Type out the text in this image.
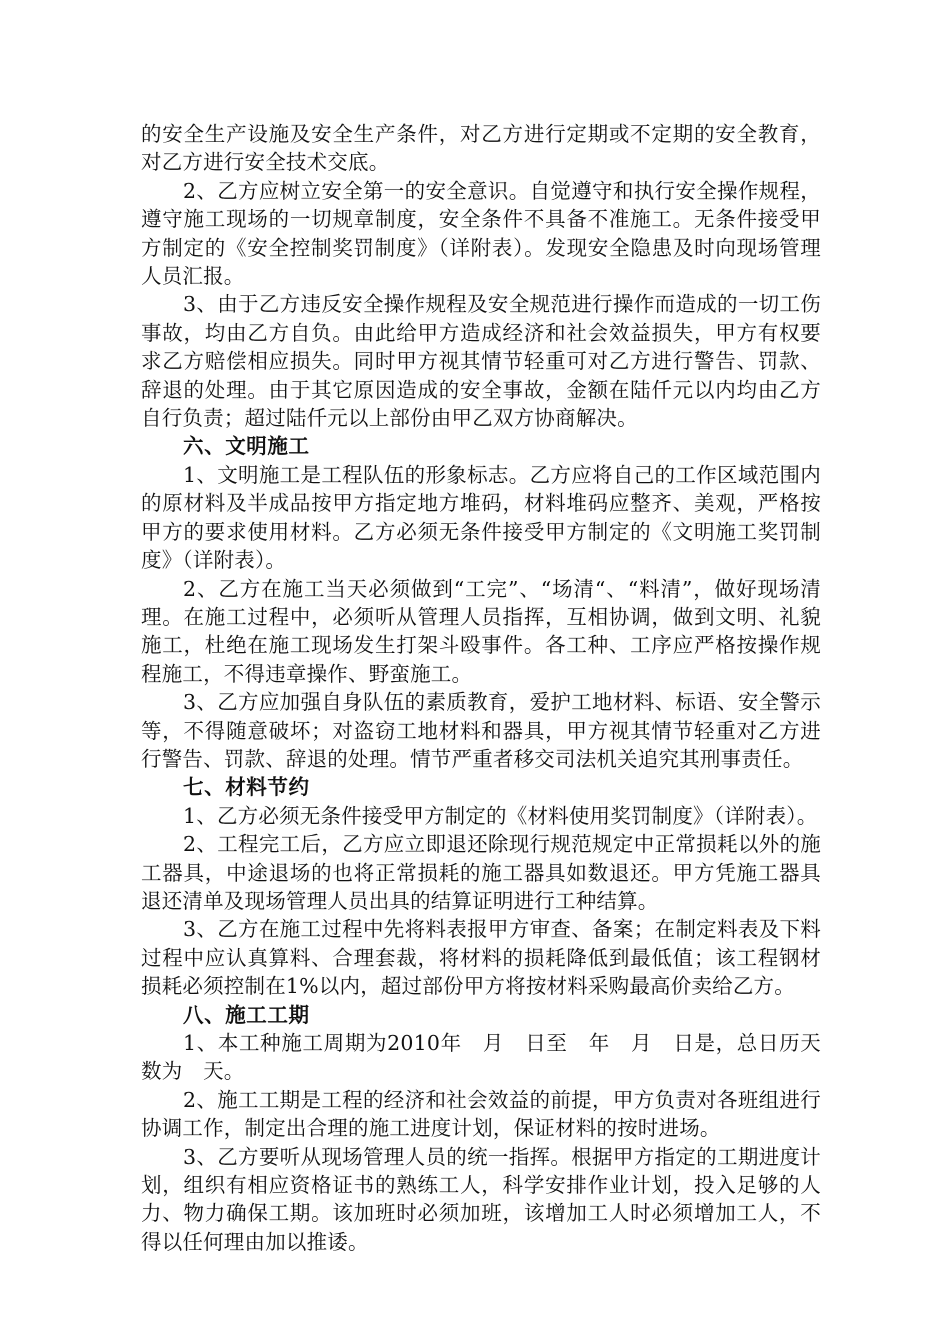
的安全生产设施及安全生产条件，对乙方进行定期或不定期的安全教育，对乙方进行安全技术交底。

2、乙方应树立安全第一的安全意识。自觉遵守和执行安全操作规程，遵守施工现场的一切规章制度，安全条件不具备不准施工。无条件接受甲方制定的《安全控制奖罚制度》（详附表）。发现安全隐患及时向现场管理人员汇报。

3、由于乙方违反安全操作规程及安全规范进行操作而造成的一切工伤事故，均由乙方自负。由此给甲方造成经济和社会效益损失，甲方有权要求乙方赔偿相应损失。同时甲方视其情节轻重可对乙方进行警告、罚款、辞退的处理。由于其它原因造成的安全事故，金额在陆仟元以内均由乙方自行负责；超过陆仟元以上部份由甲乙双方协商解决。

六、文明施工

1、文明施工是工程队伍的形象标志。乙方应将自己的工作区域范围内的原材料及半成品按甲方指定地方堆码，材料堆码应整齐、美观，严格按甲方的要求使用材料。乙方必须无条件接受甲方制定的《文明施工奖罚制度》（详附表）。

2、乙方在施工当天必须做到“工完”、“场清“、“料清”，做好现场清理。在施工过程中，必须听从管理人员指挥，互相协调，做到文明、礼貌施工，杜绝在施工现场发生打架斗殴事件。各工种、工序应严格按操作规程施工，不得违章操作、野蛮施工。

3、乙方应加强自身队伍的素质教育，爱护工地材料、标语、安全警示等，不得随意破坏；对盗窃工地材料和器具，甲方视其情节轻重对乙方进行警告、罚款、辞退的处理。情节严重者移交司法机关追究其刑事责任。

七、材料节约

1、乙方必须无条件接受甲方制定的《材料使用奖罚制度》（详附表）。

2、工程完工后，乙方应立即退还除现行规范规定中正常损耗以外的施工器具，中途退场的也将正常损耗的施工器具如数退还。甲方凭施工器具退还清单及现场管理人员出具的结算证明进行工种结算。

3、乙方在施工过程中先将料表报甲方审查、备案；在制定料表及下料过程中应认真算料、合理套裁，将材料的损耗降低到最低值；该工程钢材损耗必须控制在1%以内，超过部份甲方将按材料采购最高价卖给乙方。

八、施工工期

1、本工种施工周期为2010年　月　日至　年　月　日是，总日历天数为　天。

2、施工工期是工程的经济和社会效益的前提，甲方负责对各班组进行协调工作，制定出合理的施工进度计划，保证材料的按时进场。

3、乙方要听从现场管理人员的统一指挥。根据甲方指定的工期进度计划，组织有相应资格证书的熟练工人，科学安排作业计划，投入足够的人力、物力确保工期。该加班时必须加班，该增加工人时必须增加工人，不得以任何理由加以推诿。
